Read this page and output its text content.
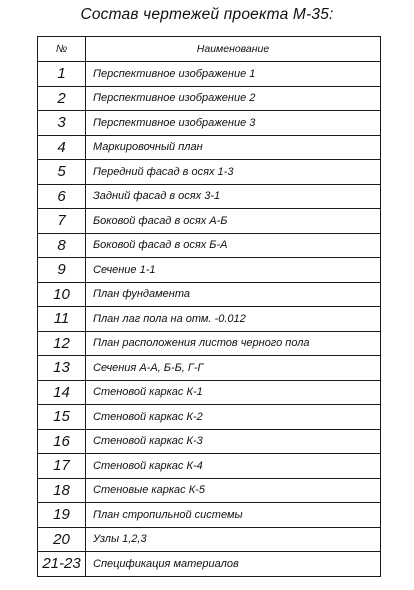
Состав чертежей проекта М-35:
№	Наименование
1	Перспективное изображение 1
2	Перспективное изображение 2
3	Перспективное изображение 3
4	Маркировочный план
5	Передний фасад в осях 1-3
6	Задний фасад в осях 3-1
7	Боковой фасад в осях А-Б
8	Боковой фасад в осях Б-А
9	Сечение 1-1
10	План фундамента
11	План лаг пола на отм. -0.012
12	План расположения листов черного пола
13	Сечения А-А, Б-Б, Г-Г
14	Стеновой каркас К-1
15	Стеновой каркас К-2
16	Стеновой каркас К-3
17	Стеновой каркас К-4
18	Стеновые каркас К-5
19	План стропильной системы
20	Узлы 1,2,3
21-23	Спецификация материалов
